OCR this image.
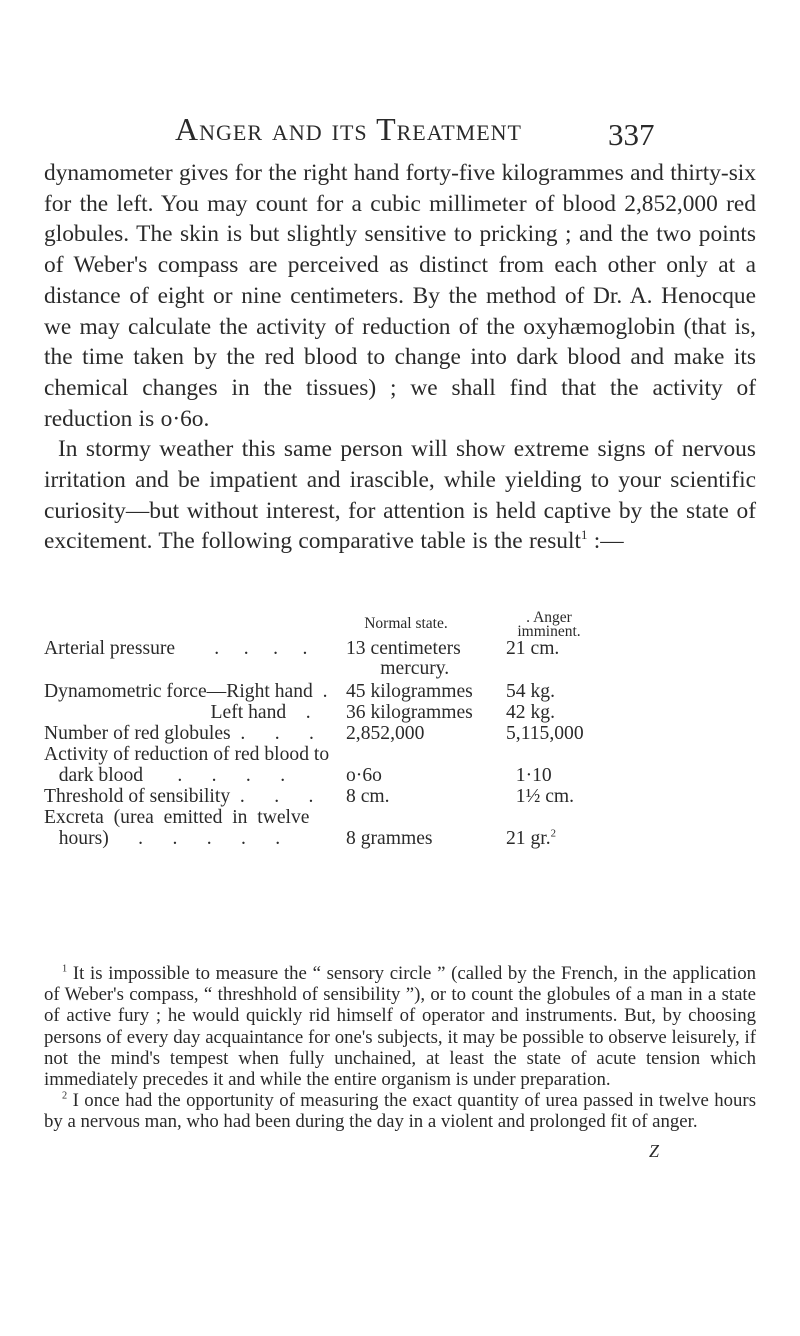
Anger and its Treatment	337

dynamometer gives for the right hand forty-five kilogrammes and thirty-six for the left. You may count for a cubic millimeter of blood 2,852,000 red globules. The skin is but slightly sensitive to pricking ; and the two points of Weber's compass are perceived as distinct from each other only at a distance of eight or nine centimeters. By the method of Dr. A. Henocque we may calculate the activity of reduction of the oxyhæmoglobin (that is, the time taken by the red blood to change into dark blood and make its chemical changes in the tissues) ; we shall find that the activity of reduction is o·6o.

In stormy weather this same person will show extreme signs of nervous irritation and be impatient and irascible, while yielding to your scientific curiosity—but without interest, for attention is held captive by the state of excitement. The following comparative table is the result$^1$ :—

Normal state.	. Anger
imminent.
Arterial pressure        .     .     .     . 13 centimeters 21 cm.
mercury.
Dynamometric force—Right hand  . 45 kilogrammes 54 kg.
Left hand    . 36 kilogrammes 42 kg.
Number of red globules  .      .      . 2,852,000	5,115,000
Activity of reduction of red blood to
dark blood       .      .      .      .	o·6o	1·10
Threshold of sensibility  .      .      . 8 cm.	1½ cm.
Excreta  (urea  emitted  in  twelve
hours)      .      .      .      .      .	8 grammes	21 gr.$^2$

$^1$ It is impossible to measure the “ sensory circle ” (called by the French, in the application of Weber's compass, “ threshhold of sensibility ”), or to count the globules of a man in a state of active fury ; he would quickly rid himself of operator and instruments. But, by choosing persons of every day acquaintance for one's subjects, it may be possible to observe leisurely, if not the mind's tempest when fully unchained, at least the state of acute tension which immediately precedes it and while the entire organism is under preparation.

$^2$ I once had the opportunity of measuring the exact quantity of urea passed in twelve hours by a nervous man, who had been during the day in a violent and prolonged fit of anger.

Z
